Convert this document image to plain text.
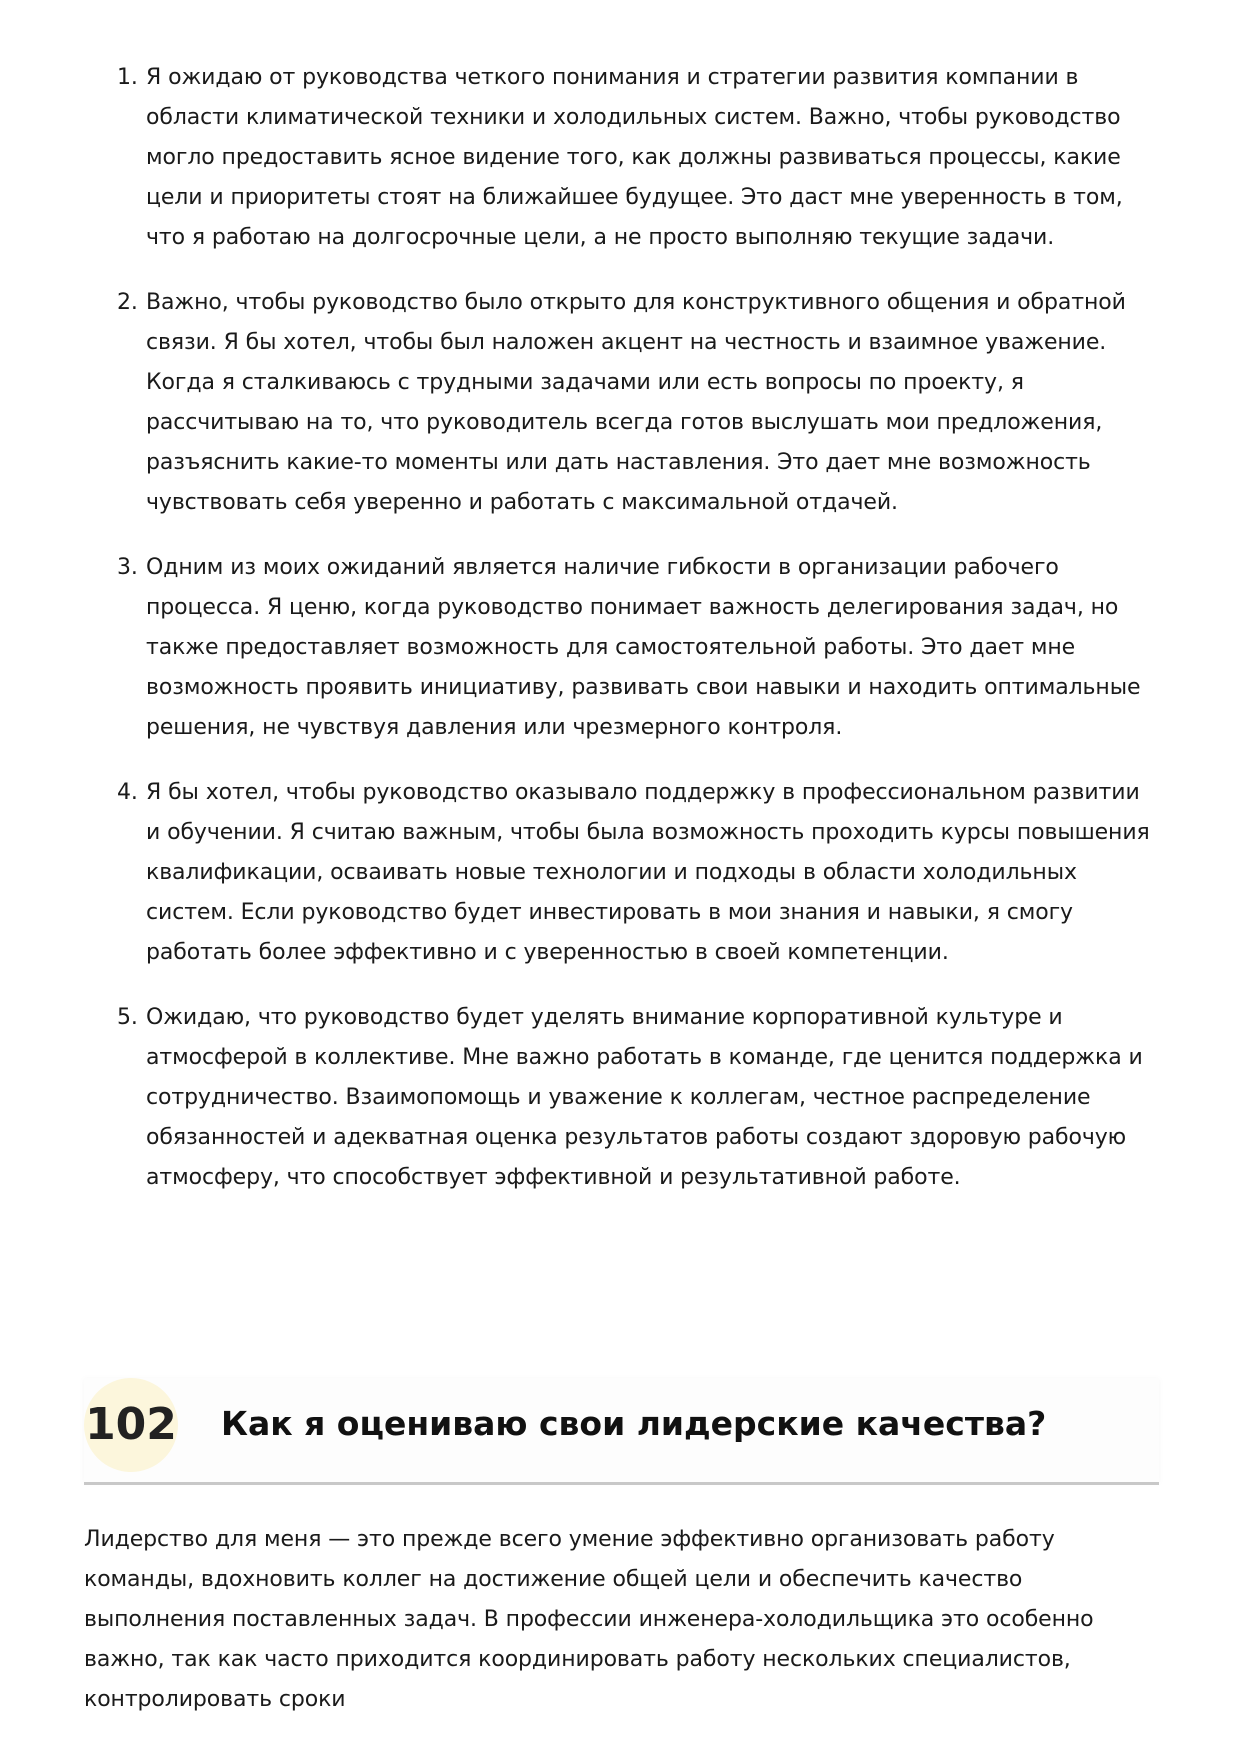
1. Я ожидаю от руководства четкого понимания и стратегии развития компании в области климатической техники и холодильных систем. Важно, чтобы руководство могло предоставить ясное видение того, как должны развиваться процессы, какие цели и приоритеты стоят на ближайшее будущее. Это даст мне уверенность в том, что я работаю на долгосрочные цели, а не просто выполняю текущие задачи.
2. Важно, чтобы руководство было открыто для конструктивного общения и обратной связи. Я бы хотел, чтобы был наложен акцент на честность и взаимное уважение. Когда я сталкиваюсь с трудными задачами или есть вопросы по проекту, я рассчитываю на то, что руководитель всегда готов выслушать мои предложения, разъяснить какие-то моменты или дать наставления. Это дает мне возможность чувствовать себя уверенно и работать с максимальной отдачей.
3. Одним из моих ожиданий является наличие гибкости в организации рабочего процесса. Я ценю, когда руководство понимает важность делегирования задач, но также предоставляет возможность для самостоятельной работы. Это дает мне возможность проявить инициативу, развивать свои навыки и находить оптимальные решения, не чувствуя давления или чрезмерного контроля.
4. Я бы хотел, чтобы руководство оказывало поддержку в профессиональном развитии и обучении. Я считаю важным, чтобы была возможность проходить курсы повышения квалификации, осваивать новые технологии и подходы в области холодильных систем. Если руководство будет инвестировать в мои знания и навыки, я смогу работать более эффективно и с уверенностью в своей компетенции.
5. Ожидаю, что руководство будет уделять внимание корпоративной культуре и атмосферой в коллективе. Мне важно работать в команде, где ценится поддержка и сотрудничество. Взаимопомощь и уважение к коллегам, честное распределение обязанностей и адекватная оценка результатов работы создают здоровую рабочую атмосферу, что способствует эффективной и результативной работе.
102 Как я оцениваю свои лидерские качества?

Лидерство для меня — это прежде всего умение эффективно организовать работу команды, вдохновить коллег на достижение общей цели и обеспечить качество выполнения поставленных задач. В профессии инженера-холодильщика это особенно важно, так как часто приходится координировать работу нескольких специалистов, контролировать сроки
